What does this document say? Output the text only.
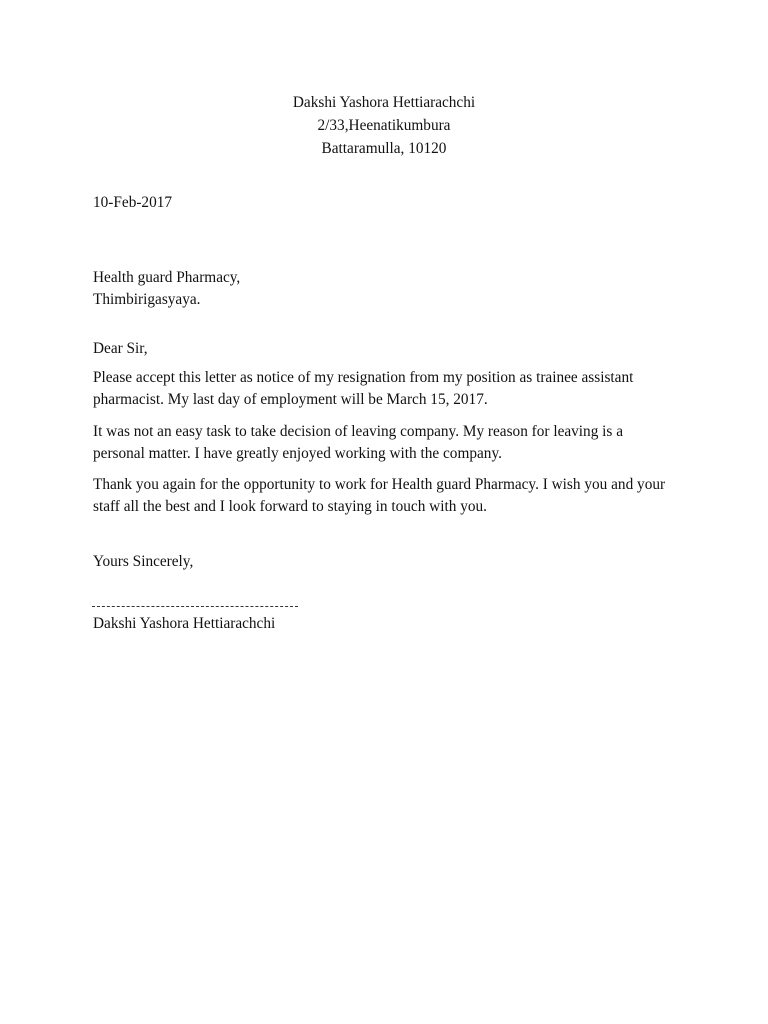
Dakshi Yashora Hettiarachchi
2/33,Heenatikumbura
Battaramulla, 10120
10-Feb-2017
Health guard Pharmacy,
Thimbirigasyaya.
Dear Sir,
Please accept this letter as notice of my resignation from my position as trainee assistant
pharmacist. My last day of employment will be March 15, 2017.
It was not an easy task to take decision of leaving company. My reason for leaving is a
personal matter. I have greatly enjoyed working with the company.
Thank you again for the opportunity to work for Health guard Pharmacy. I wish you and your
staff all the best and I look forward to staying in touch with you.
Yours Sincerely,
Dakshi Yashora Hettiarachchi
